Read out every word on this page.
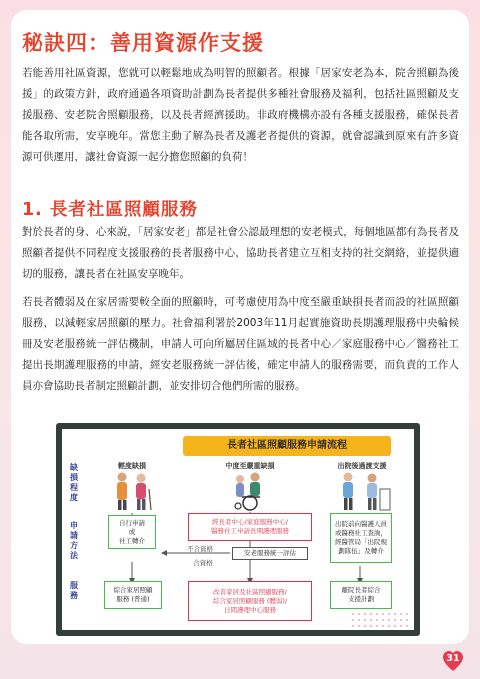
秘訣四：善用資源作支援

若能善用社區資源，您就可以輕鬆地成為明智的照顧者。根據「居家安老為本，院舍照顧為後援」的政策方針，政府通過各項資助計劃為長者提供多種社會服務及福利，包括社區照顧及支援服務、安老院舍照顧服務，以及長者經濟援助。非政府機構亦設有各種支援服務，確保長者能各取所需，安享晚年。當您主動了解為長者及護老者提供的資源，就會認識到原來有許多資源可供運用，讓社會資源一起分擔您照顧的負荷！

1. 長者社區照顧服務

對於長者的身、心來說，「居家安老」都是社會公認最理想的安老模式，每個地區都有為長者及照顧者提供不同程度支援服務的長者服務中心，協助長者建立互相支持的社交網絡，並提供適切的服務，讓長者在社區安享晚年。

若長者體弱及在家居需要較全面的照顧時，可考慮使用為中度至嚴重缺損長者而設的社區照顧服務，以減輕家居照顧的壓力。社會福利署於2003年11月起實施資助長期護理服務中央輪候冊及安老服務統一評估機制，申請人可向所屬居住區域的長者中心／家庭服務中心／醫務社工提出長期護理服務的申請，經安老服務統一評估後，確定申請人的服務需要，而負責的工作人員亦會協助長者制定照顧計劃，並安排切合他們所需的服務。

長者社區照顧服務申請流程
缺損程度
申請方法
服務
輕度缺損	中度至嚴重缺損	出院後過渡支援
自行申請
或
社工轉介
經長者中心/家庭服務中心/
醫務社工申請長期護理服務
出院前向醫護人員
或醫務社工查詢，
經醫管局「出院規
劃隊伍」及轉介
不合資格
合資格
安老服務統一評估
綜合家居照顧
服務 (普通)
改善家居及社區照顧服務/
綜合家居照顧服務 (體弱)/
日間護理中心服務
離院長者綜合
支援計劃
31
